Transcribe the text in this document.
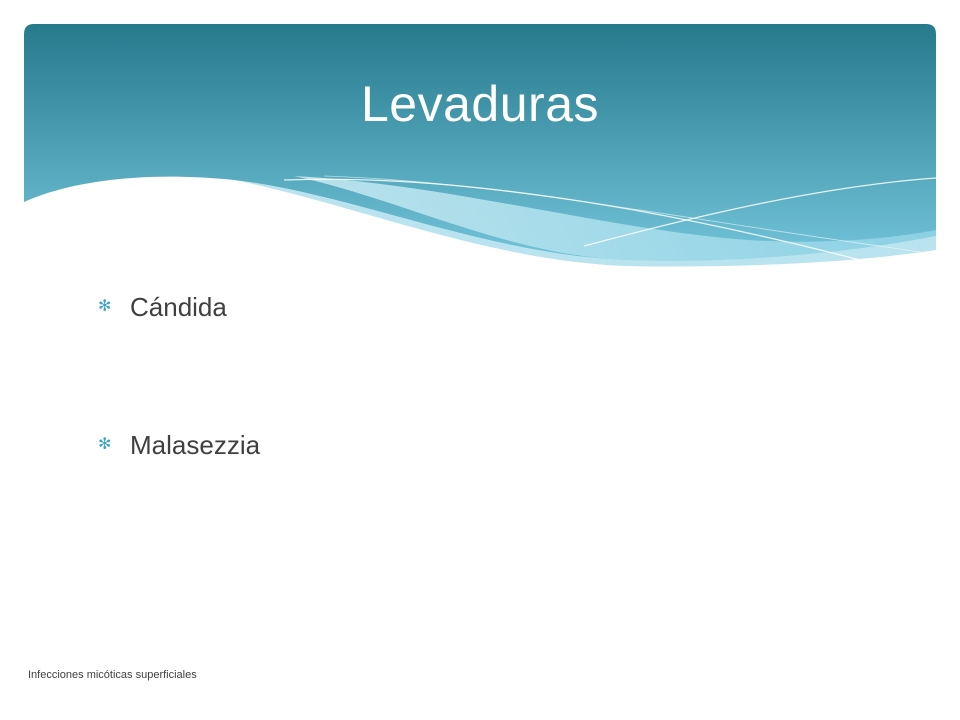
Levaduras
✻ Cándida
✻ Malasezzia
Infecciones micóticas superficiales
